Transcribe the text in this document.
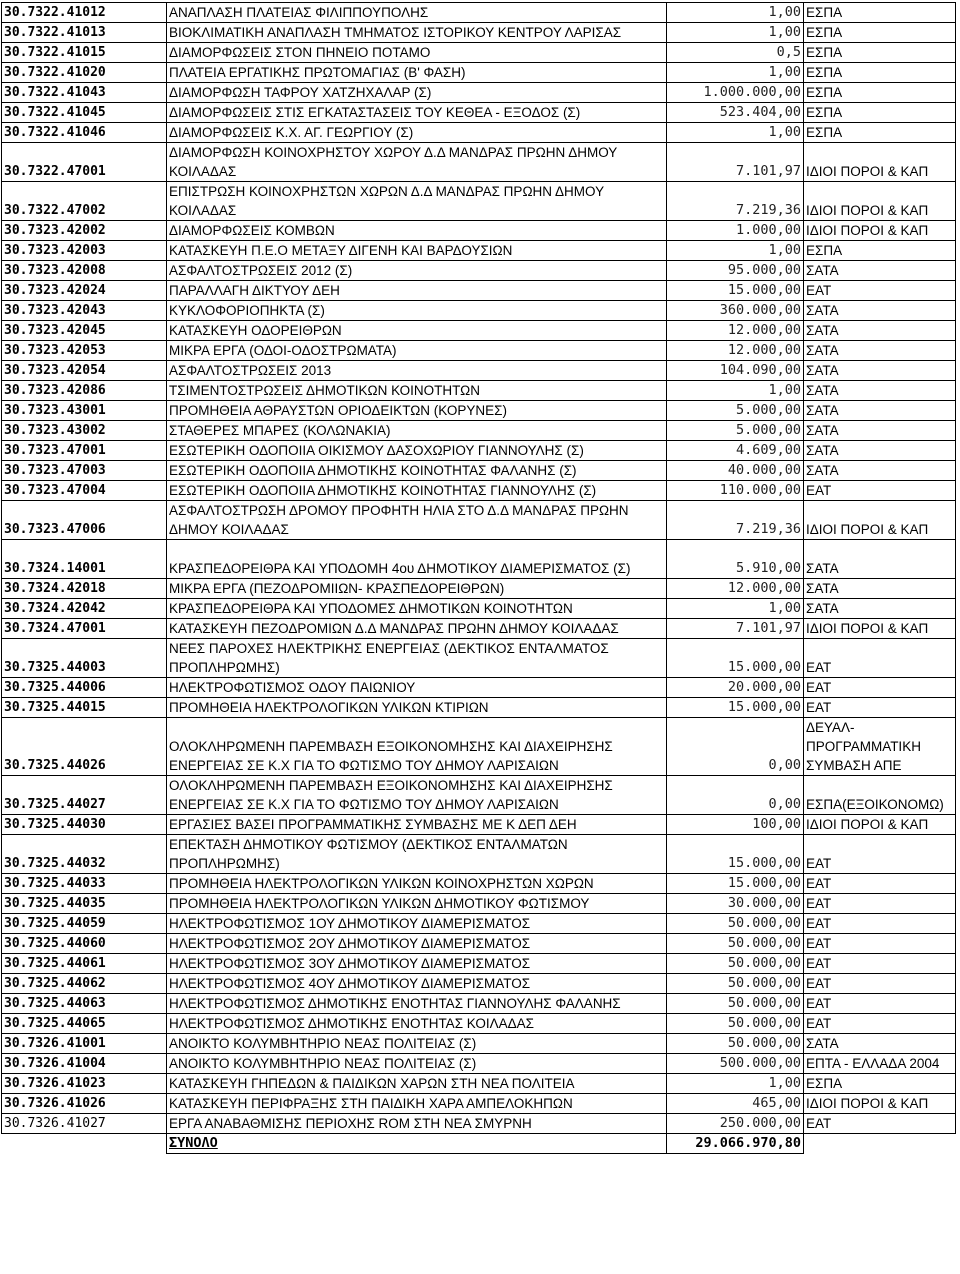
30.7322.41012	ΑΝΑΠΛΑΣΗ ΠΛΑΤΕΙΑΣ ΦΙΛΙΠΠΟΥΠΟΛΗΣ	1,00	ΕΣΠΑ
30.7322.41013	ΒΙΟΚΛΙΜΑΤΙΚΗ ΑΝΑΠΛΑΣΗ ΤΜΗΜΑΤΟΣ ΙΣΤΟΡΙΚΟΥ ΚΕΝΤΡΟΥ ΛΑΡΙΣΑΣ	1,00	ΕΣΠΑ
30.7322.41015	ΔΙΑΜΟΡΦΩΣΕΙΣ ΣΤΟΝ ΠΗΝΕΙΟ ΠΟΤΑΜΟ	0,5	ΕΣΠΑ
30.7322.41020	ΠΛΑΤΕΙΑ ΕΡΓΑΤΙΚΗΣ ΠΡΩΤΟΜΑΓΙΑΣ (Β' ΦΑΣΗ)	1,00	ΕΣΠΑ
30.7322.41043	ΔΙΑΜΟΡΦΩΣΗ ΤΑΦΡΟΥ ΧΑΤΖΗΧΑΛΑΡ (Σ)	1.000.000,00	ΕΣΠΑ
30.7322.41045	ΔΙΑΜΟΡΦΩΣΕΙΣ ΣΤΙΣ ΕΓΚΑΤΑΣΤΑΣΕΙΣ ΤΟΥ ΚΕΘΕΑ - ΕΞΟΔΟΣ (Σ)	523.404,00	ΕΣΠΑ
30.7322.41046	ΔΙΑΜΟΡΦΩΣΕΙΣ Κ.Χ. ΑΓ. ΓΕΩΡΓΙΟΥ (Σ)	1,00	ΕΣΠΑ
30.7322.47001	ΔΙΑΜΟΡΦΩΣΗ ΚΟΙΝΟΧΡΗΣΤΟΥ ΧΩΡΟΥ Δ.Δ ΜΑΝΔΡΑΣ ΠΡΩΗΝ ΔΗΜΟΥ ΚΟΙΛΑΔΑΣ	7.101,97	ΙΔΙΟΙ ΠΟΡΟΙ & ΚΑΠ
30.7322.47002	ΕΠΙΣΤΡΩΣΗ ΚΟΙΝΟΧΡΗΣΤΩΝ ΧΩΡΩΝ Δ.Δ ΜΑΝΔΡΑΣ ΠΡΩΗΝ ΔΗΜΟΥ ΚΟΙΛΑΔΑΣ	7.219,36	ΙΔΙΟΙ ΠΟΡΟΙ & ΚΑΠ
30.7323.42002	ΔΙΑΜΟΡΦΩΣΕΙΣ ΚΟΜΒΩΝ	1.000,00	ΙΔΙΟΙ ΠΟΡΟΙ & ΚΑΠ
30.7323.42003	ΚΑΤΑΣΚΕΥΗ Π.Ε.Ο ΜΕΤΑΞΥ ΔΙΓΕΝΗ ΚΑΙ ΒΑΡΔΟΥΣΙΩΝ	1,00	ΕΣΠΑ
30.7323.42008	ΑΣΦΑΛΤΟΣΤΡΩΣΕΙΣ 2012 (Σ)	95.000,00	ΣΑΤΑ
30.7323.42024	ΠΑΡΑΛΛΑΓΗ ΔΙΚΤΥΟΥ ΔΕΗ	15.000,00	ΕΑΤ
30.7323.42043	ΚΥΚΛΟΦΟΡΙΟΠΗΚΤΑ (Σ)	360.000,00	ΣΑΤΑ
30.7323.42045	ΚΑΤΑΣΚΕΥΗ ΟΔΟΡΕΙΘΡΩΝ	12.000,00	ΣΑΤΑ
30.7323.42053	ΜΙΚΡΑ ΕΡΓΑ (ΟΔΟΙ-ΟΔΟΣΤΡΩΜΑΤΑ)	12.000,00	ΣΑΤΑ
30.7323.42054	ΑΣΦΑΛΤΟΣΤΡΩΣΕΙΣ 2013	104.090,00	ΣΑΤΑ
30.7323.42086	ΤΣΙΜΕΝΤΟΣΤΡΩΣΕΙΣ ΔΗΜΟΤΙΚΩΝ ΚΟΙΝΟΤΗΤΩΝ	1,00	ΣΑΤΑ
30.7323.43001	ΠΡΟΜΗΘΕΙΑ ΑΘΡΑΥΣΤΩΝ ΟΡΙΟΔΕΙΚΤΩΝ (ΚΟΡΥΝΕΣ)	5.000,00	ΣΑΤΑ
30.7323.43002	ΣΤΑΘΕΡΕΣ ΜΠΑΡΕΣ (ΚΟΛΩΝΑΚΙΑ)	5.000,00	ΣΑΤΑ
30.7323.47001	ΕΣΩΤΕΡΙΚΗ ΟΔΟΠΟΙΙΑ ΟΙΚΙΣΜΟΥ ΔΑΣΟΧΩΡΙΟΥ ΓΙΑΝΝΟΥΛΗΣ (Σ)	4.609,00	ΣΑΤΑ
30.7323.47003	ΕΣΩΤΕΡΙΚΗ ΟΔΟΠΟΙΙΑ ΔΗΜΟΤΙΚΗΣ ΚΟΙΝΟΤΗΤΑΣ ΦΑΛΑΝΗΣ (Σ)	40.000,00	ΣΑΤΑ
30.7323.47004	ΕΣΩΤΕΡΙΚΗ ΟΔΟΠΟΙΙΑ ΔΗΜΟΤΙΚΗΣ ΚΟΙΝΟΤΗΤΑΣ ΓΙΑΝΝΟΥΛΗΣ (Σ)	110.000,00	ΕΑΤ
30.7323.47006	ΑΣΦΑΛΤΟΣΤΡΩΣΗ ΔΡΟΜΟΥ ΠΡΟΦΗΤΗ ΗΛΙΑ ΣΤΟ Δ.Δ ΜΑΝΔΡΑΣ ΠΡΩΗΝ ΔΗΜΟΥ ΚΟΙΛΑΔΑΣ	7.219,36	ΙΔΙΟΙ ΠΟΡΟΙ & ΚΑΠ
30.7324.14001	ΚΡΑΣΠΕΔΟΡΕΙΘΡΑ ΚΑΙ ΥΠΟΔΟΜΗ 4ου ΔΗΜΟΤΙΚΟΥ ΔΙΑΜΕΡΙΣΜΑΤΟΣ (Σ)	5.910,00	ΣΑΤΑ
30.7324.42018	ΜΙΚΡΑ ΕΡΓΑ (ΠΕΖΟΔΡΟΜΙΙΩΝ- ΚΡΑΣΠΕΔΟΡΕΙΘΡΩΝ)	12.000,00	ΣΑΤΑ
30.7324.42042	ΚΡΑΣΠΕΔΟΡΕΙΘΡΑ ΚΑΙ ΥΠΟΔΟΜΕΣ ΔΗΜΟΤΙΚΩΝ ΚΟΙΝΟΤΗΤΩΝ	1,00	ΣΑΤΑ
30.7324.47001	ΚΑΤΑΣΚΕΥΗ ΠΕΖΟΔΡΟΜΙΩΝ Δ.Δ ΜΑΝΔΡΑΣ ΠΡΩΗΝ ΔΗΜΟΥ ΚΟΙΛΑΔΑΣ	7.101,97	ΙΔΙΟΙ ΠΟΡΟΙ & ΚΑΠ
30.7325.44003	ΝΕΕΣ ΠΑΡΟΧΕΣ ΗΛΕΚΤΡΙΚΗΣ ΕΝΕΡΓΕΙΑΣ (ΔΕΚΤΙΚΟΣ ΕΝΤΑΛΜΑΤΟΣ ΠΡΟΠΛΗΡΩΜΗΣ)	15.000,00	ΕΑΤ
30.7325.44006	ΗΛΕΚΤΡΟΦΩΤΙΣΜΟΣ ΟΔΟΥ ΠΑΙΩΝΙΟΥ	20.000,00	ΕΑΤ
30.7325.44015	ΠΡΟΜΗΘΕΙΑ ΗΛΕΚΤΡΟΛΟΓΙΚΩΝ ΥΛΙΚΩΝ ΚΤΙΡΙΩΝ	15.000,00	ΕΑΤ
30.7325.44026	ΟΛΟΚΛΗΡΩΜΕΝΗ ΠΑΡΕΜΒΑΣΗ ΕΞΟΙΚΟΝΟΜΗΣΗΣ ΚΑΙ ΔΙΑΧΕΙΡΗΣΗΣ ΕΝΕΡΓΕΙΑΣ ΣΕ Κ.Χ ΓΙΑ ΤΟ ΦΩΤΙΣΜΟ ΤΟΥ ΔΗΜΟΥ ΛΑΡΙΣΑΙΩΝ	0,00	ΔΕΥΑΛ-ΠΡΟΓΡΑΜΜΑΤΙΚΗ ΣΥΜΒΑΣΗ ΑΠΕ
30.7325.44027	ΟΛΟΚΛΗΡΩΜΕΝΗ ΠΑΡΕΜΒΑΣΗ ΕΞΟΙΚΟΝΟΜΗΣΗΣ ΚΑΙ ΔΙΑΧΕΙΡΗΣΗΣ ΕΝΕΡΓΕΙΑΣ ΣΕ Κ.Χ ΓΙΑ ΤΟ ΦΩΤΙΣΜΟ ΤΟΥ ΔΗΜΟΥ ΛΑΡΙΣΑΙΩΝ	0,00	ΕΣΠΑ(ΕΞΟΙΚΟΝΟΜΩ)
30.7325.44030	ΕΡΓΑΣΙΕΣ ΒΑΣΕΙ ΠΡΟΓΡΑΜΜΑΤΙΚΗΣ ΣΥΜΒΑΣΗΣ ΜΕ Κ ΔΕΠ ΔΕΗ	100,00	ΙΔΙΟΙ ΠΟΡΟΙ & ΚΑΠ
30.7325.44032	ΕΠΕΚΤΑΣΗ ΔΗΜΟΤΙΚΟΥ ΦΩΤΙΣΜΟΥ (ΔΕΚΤΙΚΟΣ ΕΝΤΑΛΜΑΤΩΝ ΠΡΟΠΛΗΡΩΜΗΣ)	15.000,00	ΕΑΤ
30.7325.44033	ΠΡΟΜΗΘΕΙΑ ΗΛΕΚΤΡΟΛΟΓΙΚΩΝ ΥΛΙΚΩΝ ΚΟΙΝΟΧΡΗΣΤΩΝ ΧΩΡΩΝ	15.000,00	ΕΑΤ
30.7325.44035	ΠΡΟΜΗΘΕΙΑ ΗΛΕΚΤΡΟΛΟΓΙΚΩΝ ΥΛΙΚΩΝ ΔΗΜΟΤΙΚΟΥ ΦΩΤΙΣΜΟΥ	30.000,00	ΕΑΤ
30.7325.44059	ΗΛΕΚΤΡΟΦΩΤΙΣΜΟΣ 1ΟΥ ΔΗΜΟΤΙΚΟΥ ΔΙΑΜΕΡΙΣΜΑΤΟΣ	50.000,00	ΕΑΤ
30.7325.44060	ΗΛΕΚΤΡΟΦΩΤΙΣΜΟΣ 2ΟΥ ΔΗΜΟΤΙΚΟΥ ΔΙΑΜΕΡΙΣΜΑΤΟΣ	50.000,00	ΕΑΤ
30.7325.44061	ΗΛΕΚΤΡΟΦΩΤΙΣΜΟΣ 3ΟΥ ΔΗΜΟΤΙΚΟΥ ΔΙΑΜΕΡΙΣΜΑΤΟΣ	50.000,00	ΕΑΤ
30.7325.44062	ΗΛΕΚΤΡΟΦΩΤΙΣΜΟΣ 4ΟΥ ΔΗΜΟΤΙΚΟΥ ΔΙΑΜΕΡΙΣΜΑΤΟΣ	50.000,00	ΕΑΤ
30.7325.44063	ΗΛΕΚΤΡΟΦΩΤΙΣΜΟΣ ΔΗΜΟΤΙΚΗΣ ΕΝΟΤΗΤΑΣ ΓΙΑΝΝΟΥΛΗΣ ΦΑΛΑΝΗΣ	50.000,00	ΕΑΤ
30.7325.44065	ΗΛΕΚΤΡΟΦΩΤΙΣΜΟΣ ΔΗΜΟΤΙΚΗΣ ΕΝΟΤΗΤΑΣ ΚΟΙΛΑΔΑΣ	50.000,00	ΕΑΤ
30.7326.41001	ΑΝΟΙΚΤΟ ΚΟΛΥΜΒΗΤΗΡΙΟ ΝΕΑΣ ΠΟΛΙΤΕΙΑΣ (Σ)	50.000,00	ΣΑΤΑ
30.7326.41004	ΑΝΟΙΚΤΟ ΚΟΛΥΜΒΗΤΗΡΙΟ ΝΕΑΣ ΠΟΛΙΤΕΙΑΣ (Σ)	500.000,00	ΕΠΤΑ - ΕΛΛΑΔΑ 2004
30.7326.41023	ΚΑΤΑΣΚΕΥΗ ΓΗΠΕΔΩΝ & ΠΑΙΔΙΚΩΝ ΧΑΡΩΝ ΣΤΗ ΝΕΑ ΠΟΛΙΤΕΙΑ	1,00	ΕΣΠΑ
30.7326.41026	ΚΑΤΑΣΚΕΥΗ ΠΕΡΙΦΡΑΞΗΣ ΣΤΗ ΠΑΙΔΙΚΗ ΧΑΡΑ ΑΜΠΕΛΟΚΗΠΩΝ	465,00	ΙΔΙΟΙ ΠΟΡΟΙ & ΚΑΠ
30.7326.41027	ΕΡΓΑ ΑΝΑΒΑΘΜΙΣΗΣ ΠΕΡΙΟΧΗΣ ROM ΣΤΗ ΝΕΑ ΣΜΥΡΝΗ	250.000,00	ΕΑΤ
	ΣΥΝΟΛΟ	29.066.970,80	
